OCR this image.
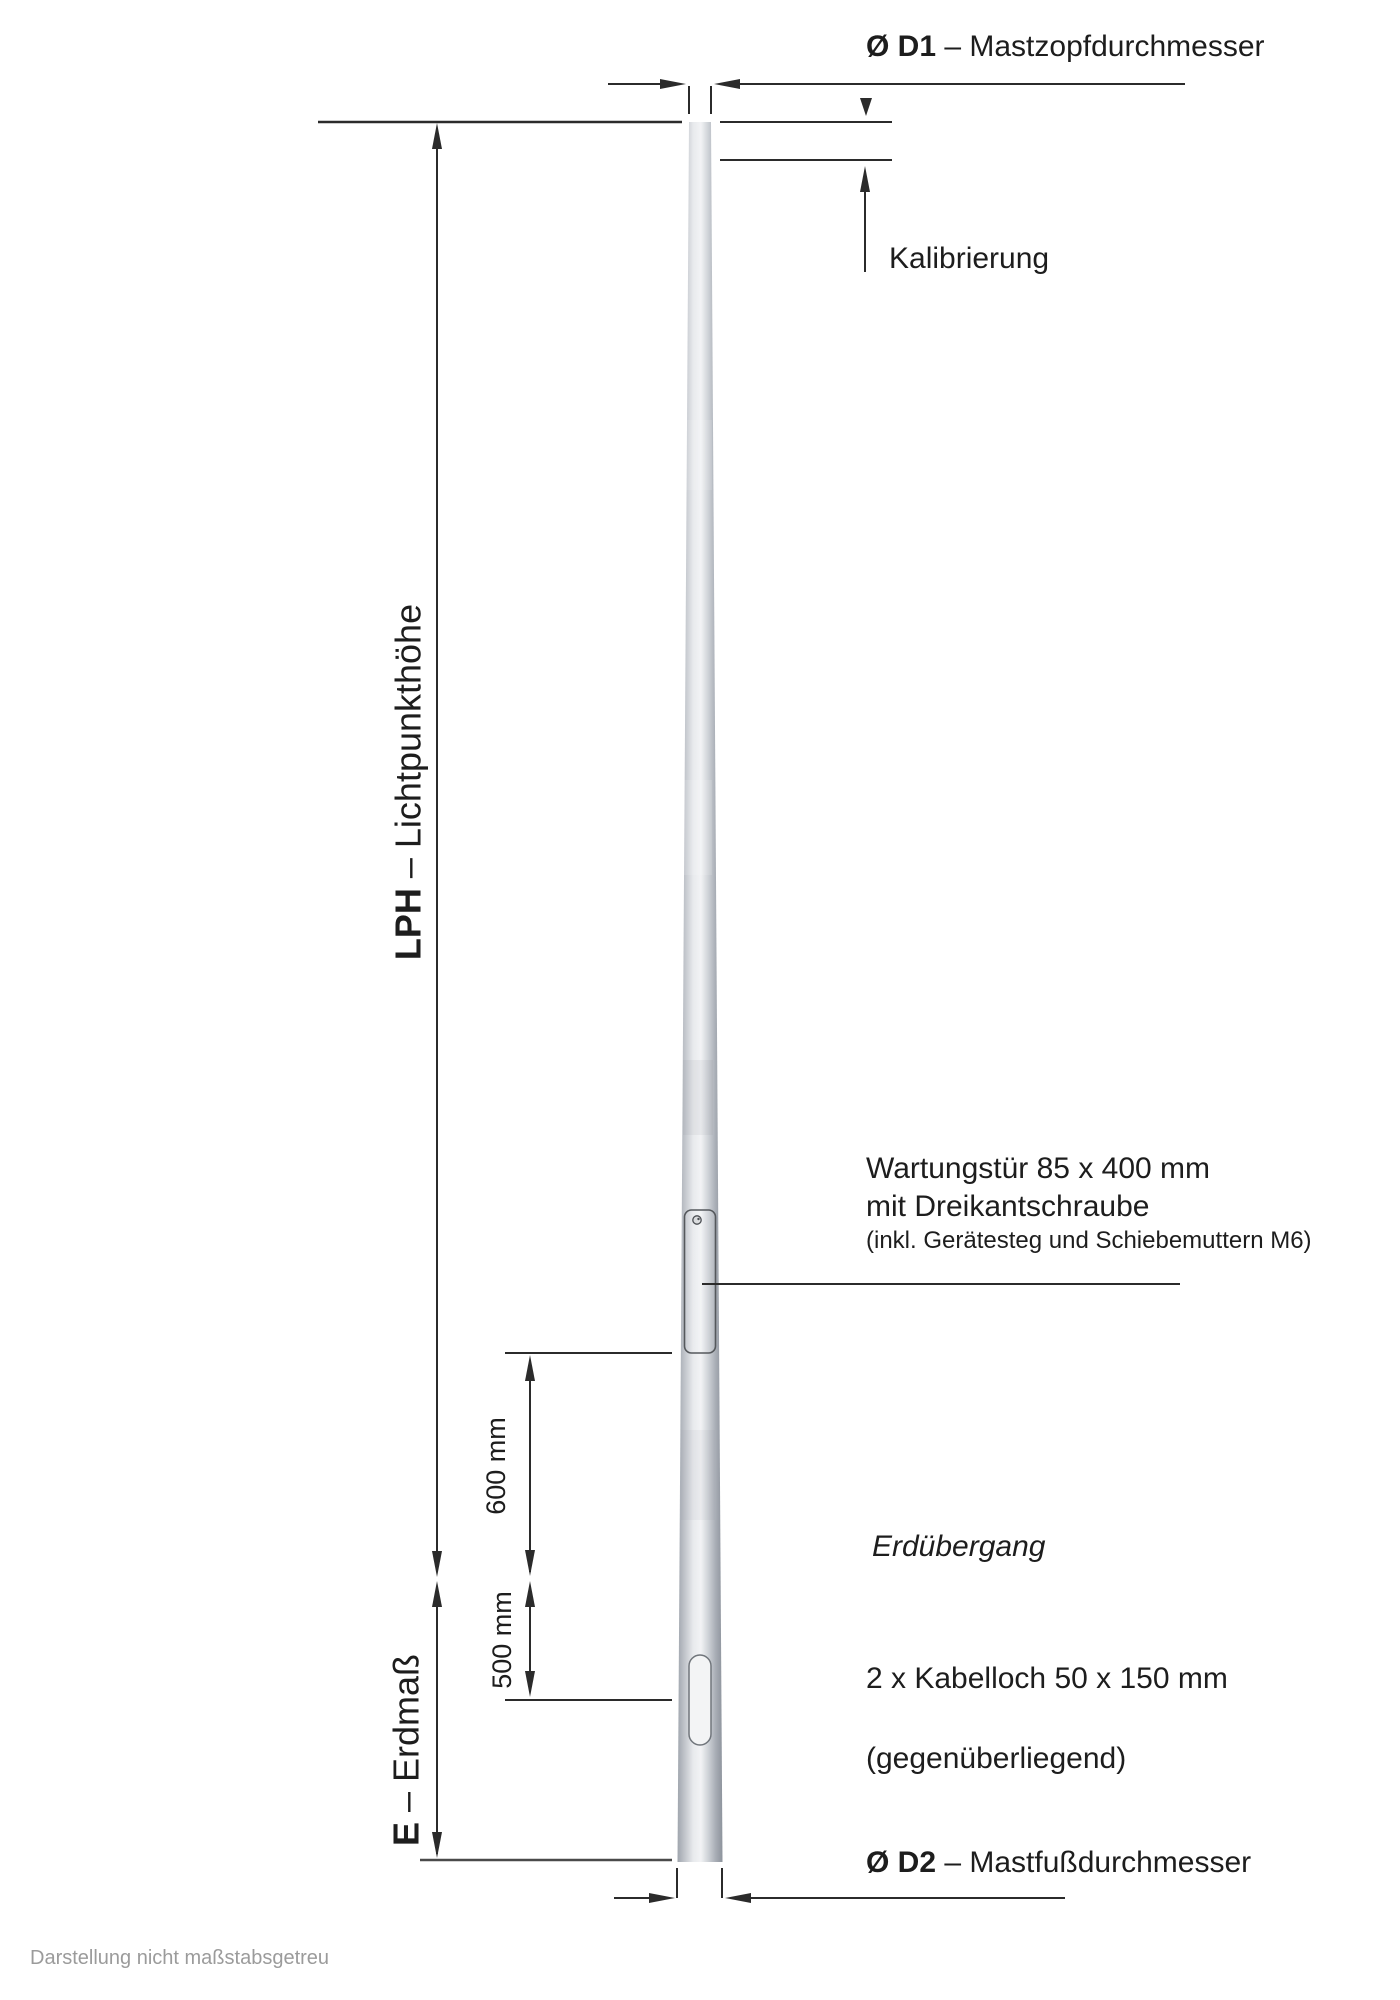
Ø D1 – Mastzopfdurchmesser
Kalibrierung
LPH – Lichtpunkthöhe
Wartungstür 85 x 400 mm
mit Dreikantschraube
(inkl. Gerätesteg und Schiebemuttern M6)
600 mm
Erdübergang
E – Erdmaß
500 mm	2 x Kabelloch 50 x 150 mm
(gegenüberliegend)
Ø D2 – Mastfußdurchmesser
Darstellung nicht maßstabsgetreu
